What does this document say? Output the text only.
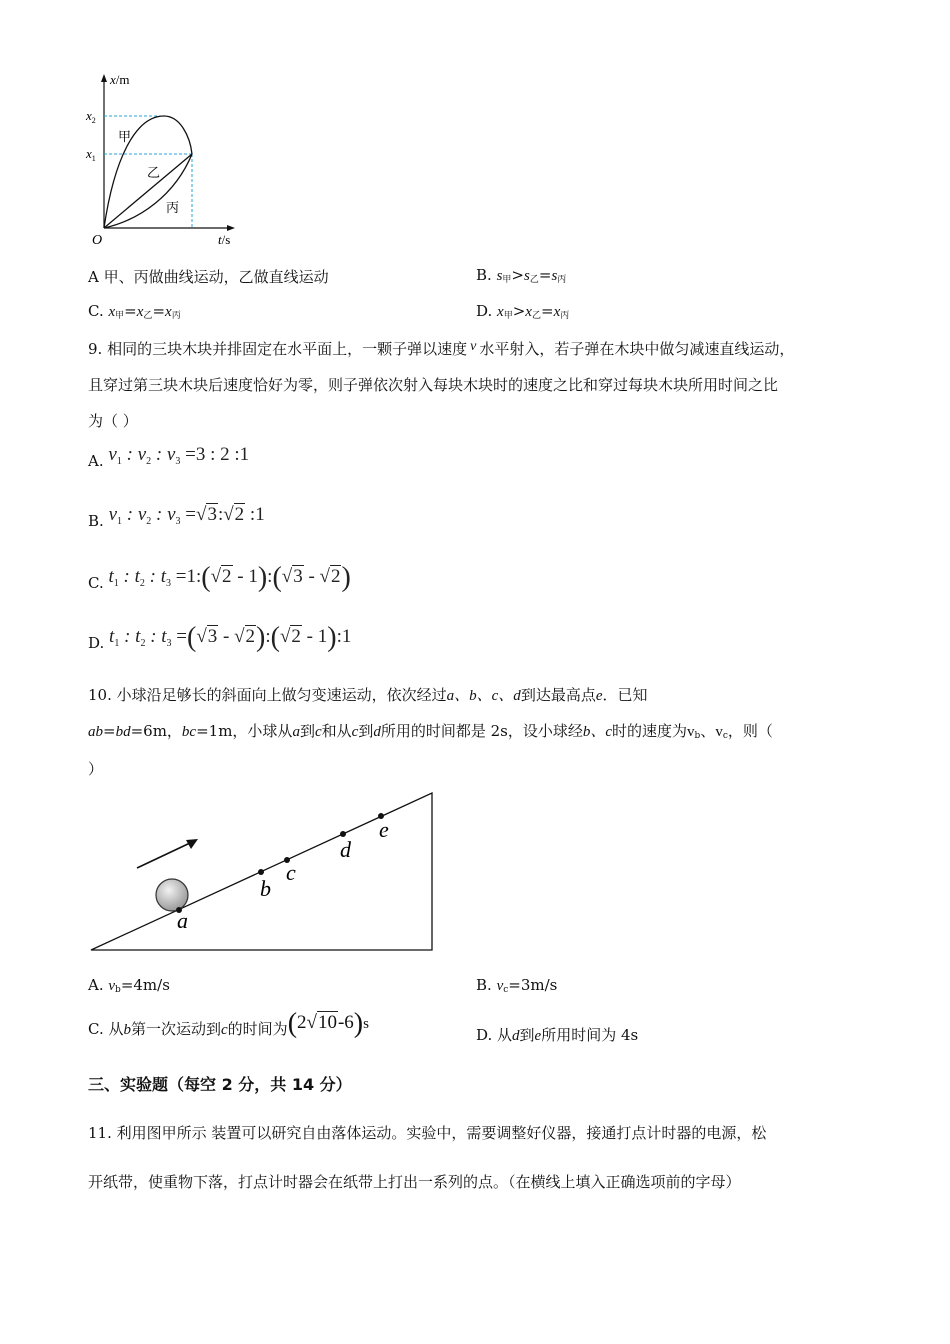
x/m
$x_2$
$x_1$
O	t/s
甲
乙
丙
A 甲、丙做曲线运动，乙做直线运动	B. $s_甲>s_乙=s_丙$
C. $x_甲=x_乙=x_丙$	D. $x_甲>x_乙=x_丙$
9. 相同的三块木块并排固定在水平面上，一颗子弹以速度 v 水平射入，若子弹在木块中做匀减速直线运动，
且穿过第三块木块后速度恰好为零，则子弹依次射入每块木块时的速度之比和穿过每块木块所用时间之比
为（ ）
A. $v_1$ : $v_2$ : $v_3 =3$ : 2 :1
B. $v_1$ : $v_2$ : $v_3$ =√3:√2 :1
C. $t_1$ : $t_2$ : $t_3$ =1:(√2 - 1):(√3 - √2)
D. $t_1$ : $t_2$ : $t_3 =(√3$ - √2):(√2 - 1):1
10. 小球沿足够长的斜面向上做匀变速运动，依次经过a、b、c、d到达最高点e．已知
ab=bd=6m，bc=1m，小球从a到c和从c到d所用的时间都是 2s，设小球经b、c时的速度为$v_b$、$v_c$，则（
）
a
b
c
d
e
A. $v_b=4m/s$	B. $v_c=3m/s$
C. 从b第一次运动到c的时间为(2√10-6)s
D. 从d到e所用时间为 4s
三、实验题（每空 2 分，共 14 分）
11. 利用图甲所示 装置可以研究自由落体运动。实验中，需要调整好仪器，接通打点计时器的电源，松
开纸带，使重物下落，打点计时器会在纸带上打出一系列的点。（在横线上填入正确选项前的字母）
